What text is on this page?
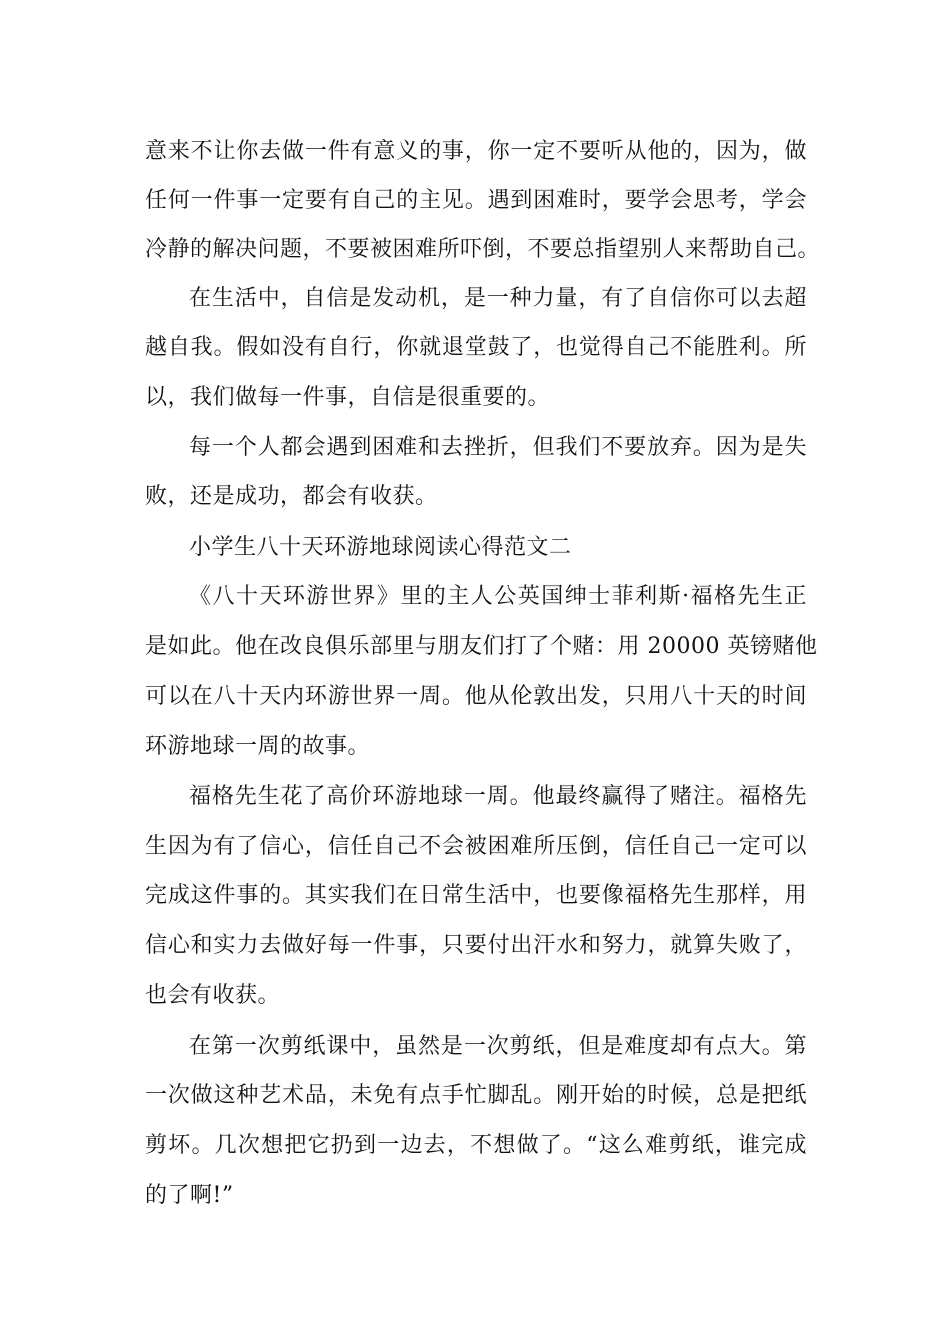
意来不让你去做一件有意义的事，你一定不要听从他的，因为，做
任何一件事一定要有自己的主见。遇到困难时，要学会思考，学会
冷静的解决问题，不要被困难所吓倒，不要总指望别人来帮助自己。
在生活中，自信是发动机，是一种力量，有了自信你可以去超
越自我。假如没有自行，你就退堂鼓了，也觉得自己不能胜利。所
以，我们做每一件事，自信是很重要的。
每一个人都会遇到困难和去挫折，但我们不要放弃。因为是失
败，还是成功，都会有收获。
小学生八十天环游地球阅读心得范文二
《八十天环游世界》里的主人公英国绅士菲利斯·福格先生正
是如此。他在改良俱乐部里与朋友们打了个赌：用 20000 英镑赌他
可以在八十天内环游世界一周。他从伦敦出发，只用八十天的时间
环游地球一周的故事。
福格先生花了高价环游地球一周。他最终赢得了赌注。福格先
生因为有了信心，信任自己不会被困难所压倒，信任自己一定可以
完成这件事的。其实我们在日常生活中，也要像福格先生那样，用
信心和实力去做好每一件事，只要付出汗水和努力，就算失败了，
也会有收获。
在第一次剪纸课中，虽然是一次剪纸，但是难度却有点大。第
一次做这种艺术品，未免有点手忙脚乱。刚开始的时候，总是把纸
剪坏。几次想把它扔到一边去，不想做了。“这么难剪纸，谁完成
的了啊!”
